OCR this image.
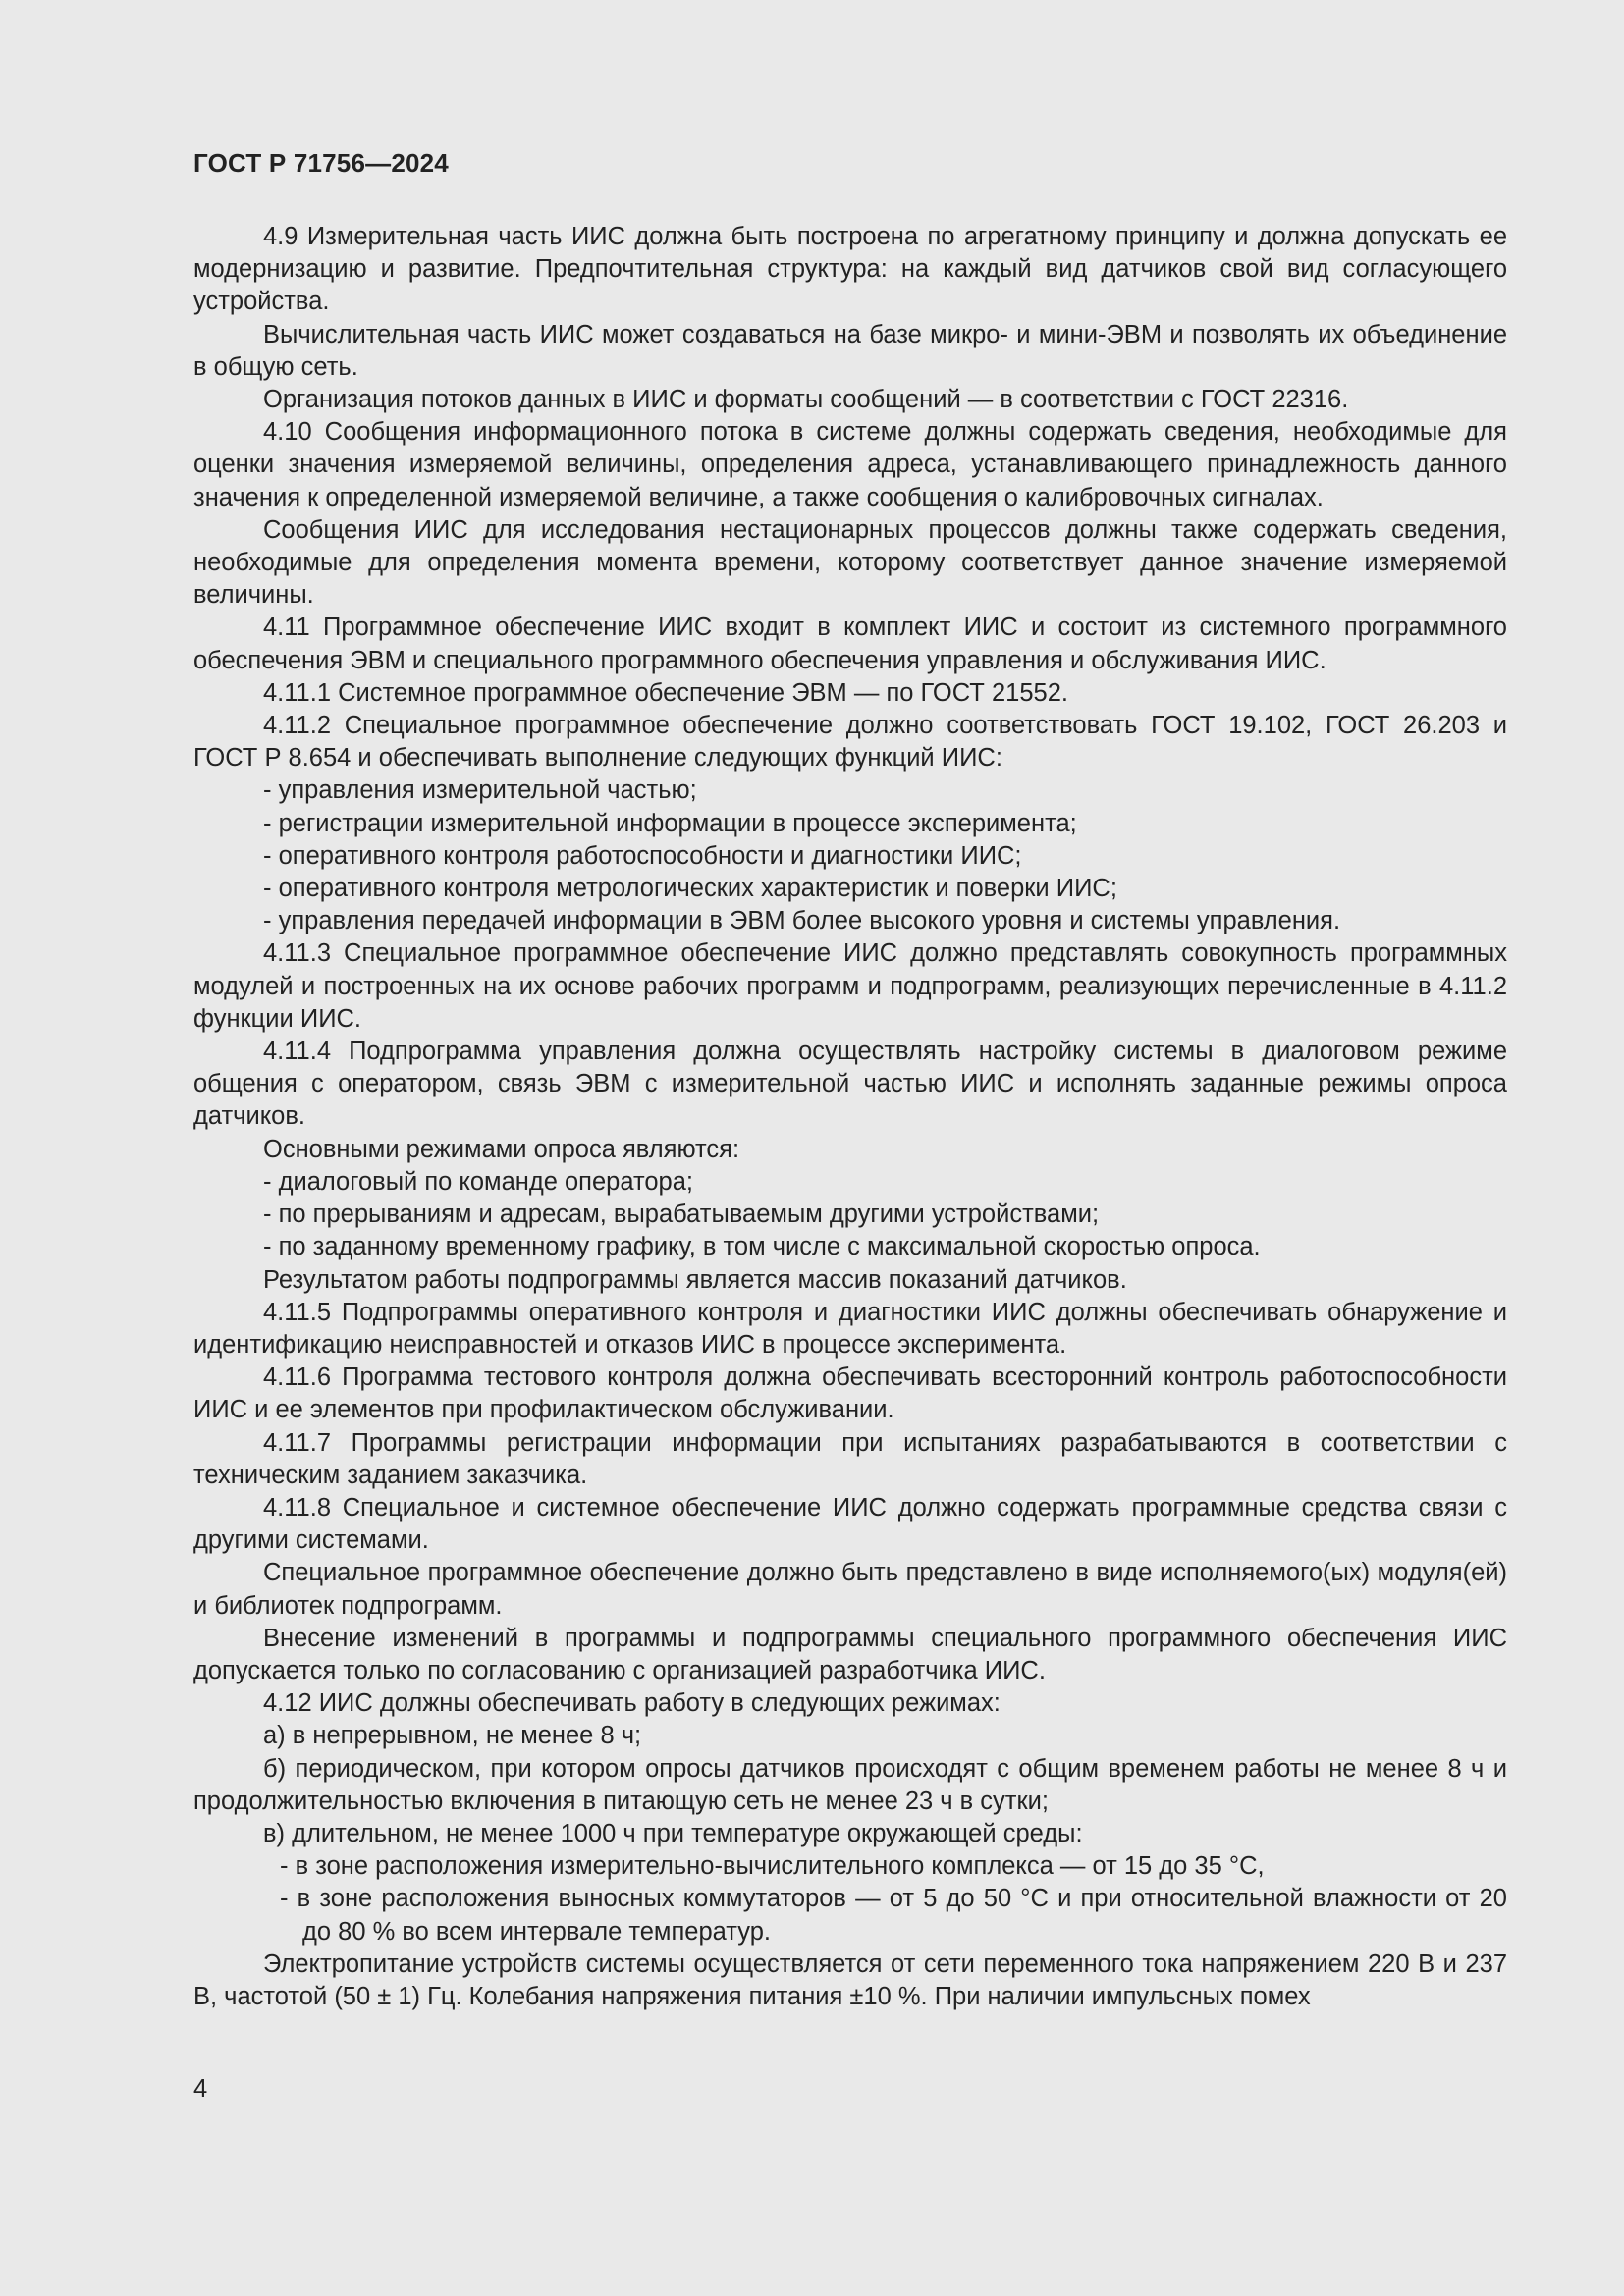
ГОСТ Р 71756—2024

4.9 Измерительная часть ИИС должна быть построена по агрегатному принципу и должна допускать ее модернизацию и развитие. Предпочтительная структура: на каждый вид датчиков свой вид согласующего устройства.

Вычислительная часть ИИС может создаваться на базе микро- и мини-ЭВМ и позволять их объединение в общую сеть.

Организация потоков данных в ИИС и форматы сообщений — в соответствии с ГОСТ 22316.

4.10 Сообщения информационного потока в системе должны содержать сведения, необходимые для оценки значения измеряемой величины, определения адреса, устанавливающего принадлежность данного значения к определенной измеряемой величине, а также сообщения о калибровочных сигналах.

Сообщения ИИС для исследования нестационарных процессов должны также содержать сведения, необходимые для определения момента времени, которому соответствует данное значение измеряемой величины.

4.11 Программное обеспечение ИИС входит в комплект ИИС и состоит из системного программного обеспечения ЭВМ и специального программного обеспечения управления и обслуживания ИИС.

4.11.1 Системное программное обеспечение ЭВМ — по ГОСТ 21552.

4.11.2 Специальное программное обеспечение должно соответствовать ГОСТ 19.102, ГОСТ 26.203 и ГОСТ Р 8.654 и обеспечивать выполнение следующих функций ИИС:

- управления измерительной частью;

- регистрации измерительной информации в процессе эксперимента;

- оперативного контроля работоспособности и диагностики ИИС;

- оперативного контроля метрологических характеристик и поверки ИИС;

- управления передачей информации в ЭВМ более высокого уровня и системы управления.

4.11.3 Специальное программное обеспечение ИИС должно представлять совокупность программных модулей и построенных на их основе рабочих программ и подпрограмм, реализующих перечисленные в 4.11.2 функции ИИС.

4.11.4 Подпрограмма управления должна осуществлять настройку системы в диалоговом режиме общения с оператором, связь ЭВМ с измерительной частью ИИС и исполнять заданные режимы опроса датчиков.

Основными режимами опроса являются:

- диалоговый по команде оператора;

- по прерываниям и адресам, вырабатываемым другими устройствами;

- по заданному временному графику, в том числе с максимальной скоростью опроса.

Результатом работы подпрограммы является массив показаний датчиков.

4.11.5 Подпрограммы оперативного контроля и диагностики ИИС должны обеспечивать обнаружение и идентификацию неисправностей и отказов ИИС в процессе эксперимента.

4.11.6 Программа тестового контроля должна обеспечивать всесторонний контроль работоспособности ИИС и ее элементов при профилактическом обслуживании.

4.11.7 Программы регистрации информации при испытаниях разрабатываются в соответствии с техническим заданием заказчика.

4.11.8 Специальное и системное обеспечение ИИС должно содержать программные средства связи с другими системами.

Специальное программное обеспечение должно быть представлено в виде исполняемого(ых) модуля(ей) и библиотек подпрограмм.

Внесение изменений в программы и подпрограммы специального программного обеспечения ИИС допускается только по согласованию с организацией разработчика ИИС.

4.12 ИИС должны обеспечивать работу в следующих режимах:

а) в непрерывном, не менее 8 ч;

б) периодическом, при котором опросы датчиков происходят с общим временем работы не менее 8 ч и продолжительностью включения в питающую сеть не менее 23 ч в сутки;

в) длительном, не менее 1000 ч при температуре окружающей среды:

- в зоне расположения измерительно-вычислительного комплекса — от 15 до 35 °С,

- в зоне расположения выносных коммутаторов — от 5 до 50 °С и при относительной влажности от 20 до 80 % во всем интервале температур.

Электропитание устройств системы осуществляется от сети переменного тока напряжением 220 В и 237 В, частотой (50 ± 1) Гц. Колебания напряжения питания ±10 %. При наличии импульсных помех

4
